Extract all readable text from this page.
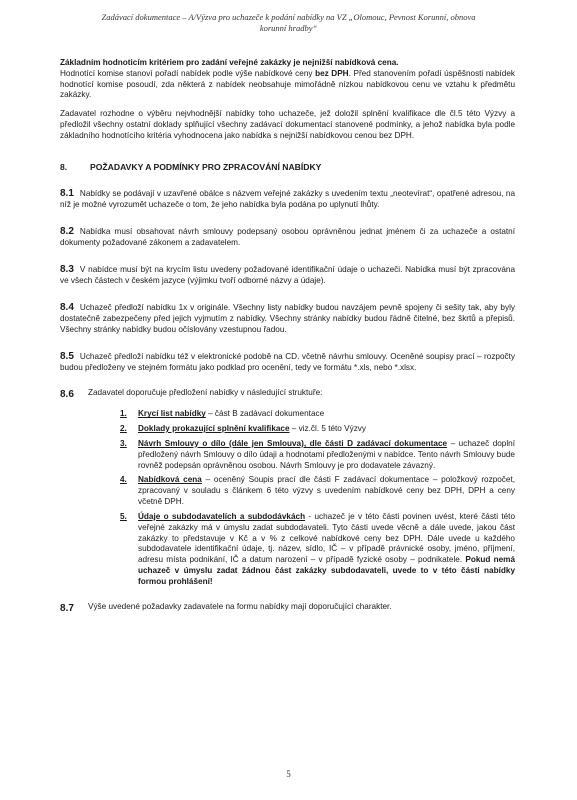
Zadávací dokumentace – A/Výzva pro uchazeče k podání nabídky na VZ „Olomouc, Pevnost Korunní, obnova
korunní hradby“

Základním hodnoticím kritériem pro zadání veřejné zakázky je nejnižší nabídková cena.

Hodnotící komise stanoví pořadí nabídek podle výše nabídkové ceny bez DPH. Před stanovením pořadí úspěšnosti nabídek hodnotící komise posoudí, zda některá z nabídek neobsahuje mimořádně nízkou nabídkovou cenu ve vztahu k předmětu zakázky.

Zadavatel rozhodne o výběru nejvhodnější nabídky toho uchazeče, jež doložil splnění kvalifikace dle čl.5 této Výzvy a předložil všechny ostatní doklady splňující všechny zadávací dokumentací stanovené podmínky, a jehož nabídka byla podle základního hodnotícího kritéria vyhodnocena jako nabídka s nejnižší nabídkovou cenou bez DPH.

8.	POŽADAVKY A PODMÍNKY PRO ZPRACOVÁNÍ NABÍDKY

8.1 Nabídky se podávají v uzavřené obálce s názvem veřejné zakázky s uvedením textu „neotevírat“, opatřené adresou, na níž je možné vyrozumět uchazeče o tom, že jeho nabídka byla podána po uplynutí lhůty.

8.2 Nabídka musí obsahovat návrh smlouvy podepsaný osobou oprávněnou jednat jménem či za uchazeče a ostatní dokumenty požadované zákonem a zadavatelem.

8.3 V nabídce musí být na krycím listu uvedeny požadované identifikační údaje o uchazeči. Nabídka musí být zpracována ve všech částech v českém jazyce (výjimku tvoří odborné názvy a údaje).

8.4 Uchazeč předloží nabídku 1x v originále. Všechny listy nabídky budou navzájem pevně spojeny či sešity tak, aby byly dostatečně zabezpečeny před jejich vyjmutím z nabídky. Všechny stránky nabídky budou řádně čitelné, bez škrtů a přepisů. Všechny stránky nabídky budou očíslovány vzestupnou řadou.

8.5 Uchazeč předloží nabídku též v elektronické podobě na CD. včetně návrhu smlouvy. Oceněné soupisy prací – rozpočty budou předloženy ve stejném formátu jako podklad pro ocenění, tedy ve formátu *.xls, nebo *.xlsx.

8.6	Zadavatel doporučuje předložení nabídky v následující struktuře:
1.	Krycí list nabídky – část B zadávací dokumentace
2.	Doklady prokazující splnění kvalifikace – viz.čl. 5 této Výzvy
3.	Návrh Smlouvy o dílo (dále jen Smlouva), dle části D zadávací dokumentace – uchazeč doplní předložený návrh Smlouvy o dílo údaji a hodnotami předloženými v nabídce. Tento návrh Smlouvy bude rovněž podepsán oprávněnou osobou. Návrh Smlouvy je pro dodavatele závazný.
4.	Nabídková cena – oceněný Soupis prací dle části F zadávací dokumentace – položkový rozpočet, zpracovaný v souladu s článkem 6 této výzvy s uvedením nabídkové ceny bez DPH, DPH a ceny včetně DPH.
5.	Údaje o subdodavatelích a subdodávkách - uchazeč je v této části povinen uvést, které části této veřejné zakázky má v úmyslu zadat subdodavateli. Tyto části uvede věcně a dále uvede, jakou část zakázky to představuje v Kč a v % z celkové nabídkové ceny bez DPH. Dále uvede u každého subdodavatele identifikační údaje, tj. název, sídlo, IČ – v případě právnické osoby, jméno, příjmení, adresu místa podnikání, IČ a datum narození – v případě fyzické osoby – podnikatele. Pokud nemá uchazeč v úmyslu zadat žádnou část zakázky subdodavateli, uvede to v této části nabídky formou prohlášení!
8.7	Výše uvedené požadavky zadavatele na formu nabídky mají doporučující charakter.
5
